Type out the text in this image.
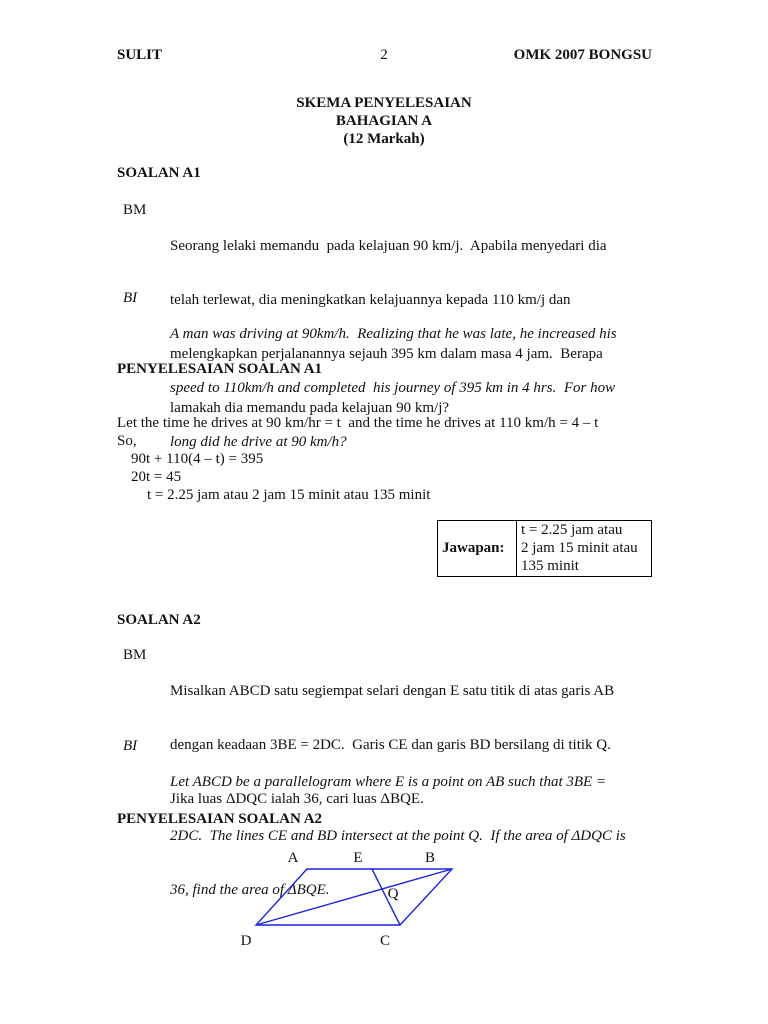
SULIT	2	OMK 2007 BONGSU
SKEMA PENYELESAIAN
BAHAGIAN A
(12 Markah)
SOALAN A1
BM

Seorang lelaki memandu  pada kelajuan 90 km/j.  Apabila menyedari dia

telah terlewat, dia meningkatkan kelajuannya kepada 110 km/j dan

melengkapkan perjalanannya sejauh 395 km dalam masa 4 jam.  Berapa

lamakah dia memandu pada kelajuan 90 km/j?

BI

A man was driving at 90km/h.  Realizing that he was late, he increased his

speed to 110km/h and completed  his journey of 395 km in 4 hrs.  For how

long did he drive at 90 km/h?

PENYELESAIAN SOALAN A1
Let the time he drives at 90 km/hr = t  and the time he drives at 110 km/h = 4 – t
So,
90t + 110(4 – t) = 395
20t = 45
t = 2.25 jam atau 2 jam 15 minit atau 135 minit
Jawapan:
t = 2.25 jam atau
2 jam 15 minit atau
135 minit
SOALAN A2
BM

Misalkan ABCD satu segiempat selari dengan E satu titik di atas garis AB

dengan keadaan 3BE = 2DC.  Garis CE dan garis BD bersilang di titik Q.

Jika luas ΔDQC ialah 36, cari luas ΔBQE.

BI

Let ABCD be a parallelogram where E is a point on AB such that 3BE =

2DC.  The lines CE and BD intersect at the point Q.  If the area of ΔDQC is

36, find the area of ΔBQE.

PENYELESAIAN SOALAN A2
A	E	B
Q
D	C
